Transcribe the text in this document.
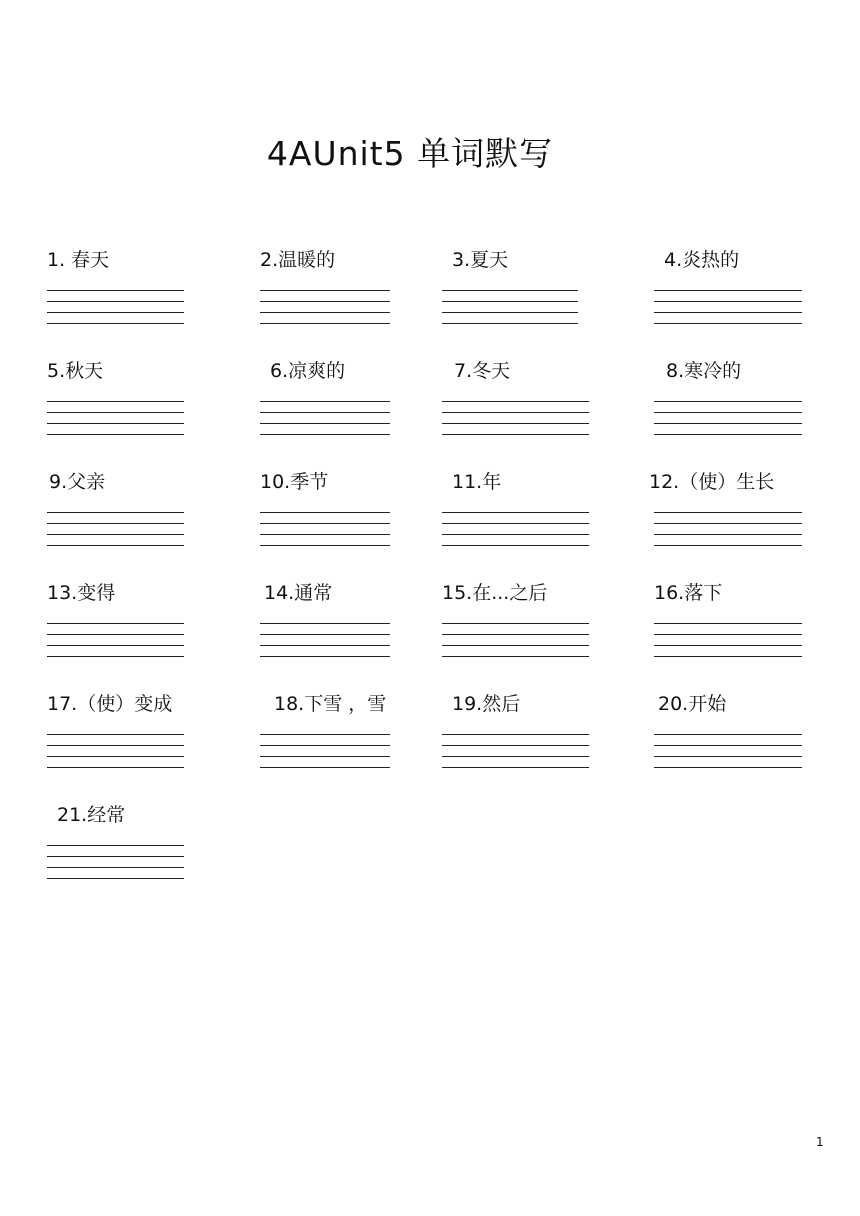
4AUnit5 单词默写
1. 春天	2.温暖的	3.夏天	4.炎热的
5.秋天	6.凉爽的	7.冬天	8.寒冷的
9.父亲	10.季节	11.年	12.（使）生长
13.变得	14.通常	15.在...之后	16.落下
17.（使）变成	18.下雪 ，雪	19.然后	20.开始
21.经常
1
